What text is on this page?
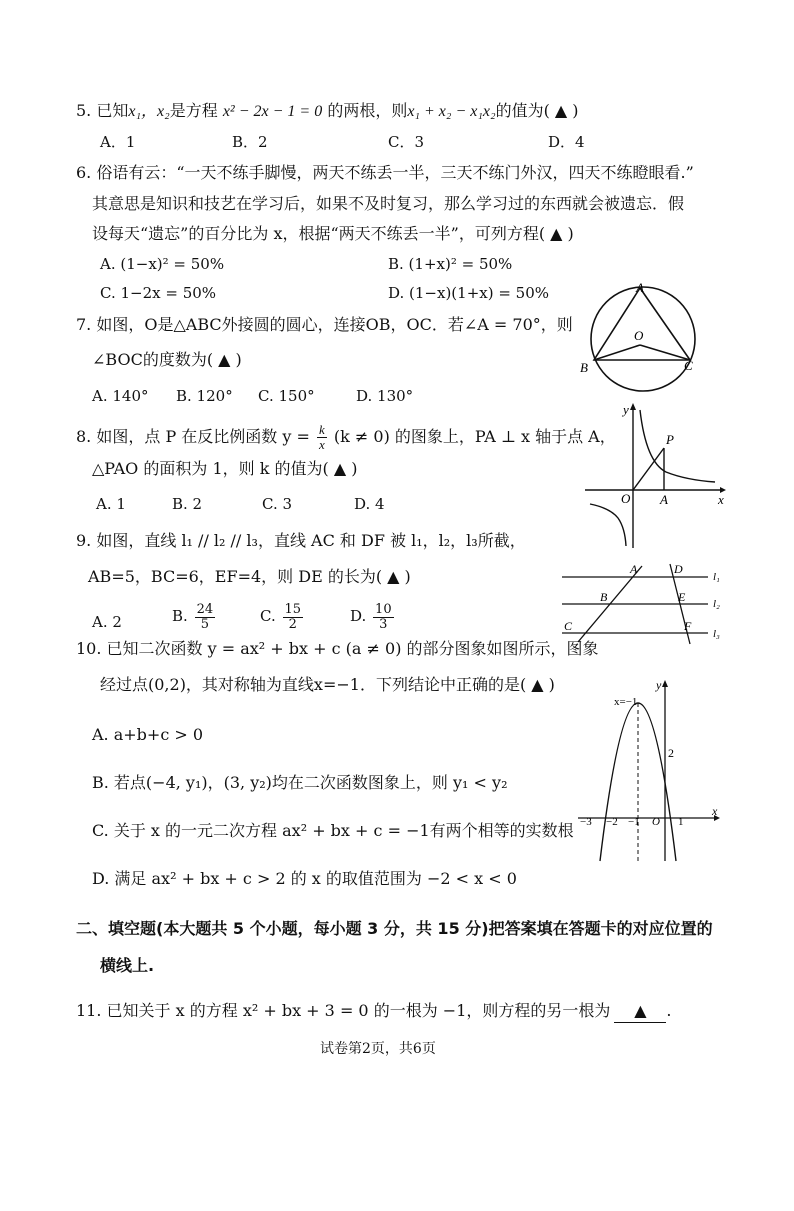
5. 已知x₁，x₂是方程 x² − 2x − 1 = 0 的两根，则x₁ + x₂ − x₁x₂的值为( ▲ )
A．1	B．2	C．3	D．4
6. 俗语有云：“一天不练手脚慢，两天不练丢一半，三天不练门外汉，四天不练瞪眼看.”
其意思是知识和技艺在学习后，如果不及时复习，那么学习过的东西就会被遗忘．假
设每天“遗忘”的百分比为 x，根据“两天不练丢一半”，可列方程( ▲ )
A. (1−x)² = 50%	B. (1+x)² = 50%
C. 1−2x = 50%	D. (1−x)(1+x) = 50%
7. 如图，O是△ABC外接圆的圆心，连接OB，OC．若∠A = 70°，则
∠BOC的度数为( ▲ )
A. 140° B. 120° C. 150°	D. 130°
A
B	C
O
8. 如图，点 P 在反比例函数 $y = \frac{k}{x} (k \ne 0)$ 的图象上，PA ⊥ x 轴于点 A，
△PAO 的面积为 1，则 k 的值为( ▲ )
A. 1	B. 2	C. 3	D. 4
y
x
P
O A
9. 如图，直线 l₁ // l₂ // l₃，直线 AC 和 DF 被 l₁，l₂，l₃所截，
AB=5，BC=6，EF=4，则 DE 的长为( ▲ )
A. 2	B. $\frac{24}{5}$	C. $\frac{15}{2}$	D. $\frac{10}{3}$
A	D
B	E
C	F
l₁
l₂
l₃
10. 已知二次函数 y = ax² + bx + c (a ≠ 0) 的部分图象如图所示，图象
经过点(0,2)，其对称轴为直线x=−1．下列结论中正确的是( ▲ )
A. a+b+c > 0
B. 若点(−4, y₁)，(3, y₂)均在二次函数图象上，则 y₁ < y₂
C. 关于 x 的一元二次方程 ax² + bx + c = −1有两个相等的实数根
D. 满足 ax² + bx + c > 2 的 x 的取值范围为 −2 < x < 0
x=−1
y
x
2
−3 −2 −1 O 1
二、填空题(本大题共 5 个小题，每小题 3 分，共 15 分)把答案填在答题卡的对应位置的
横线上.
11. 已知关于 x 的方程 x² + bx + 3 = 0 的一根为 −1，则方程的另一根为 ▲ .
试卷第2页，共6页
